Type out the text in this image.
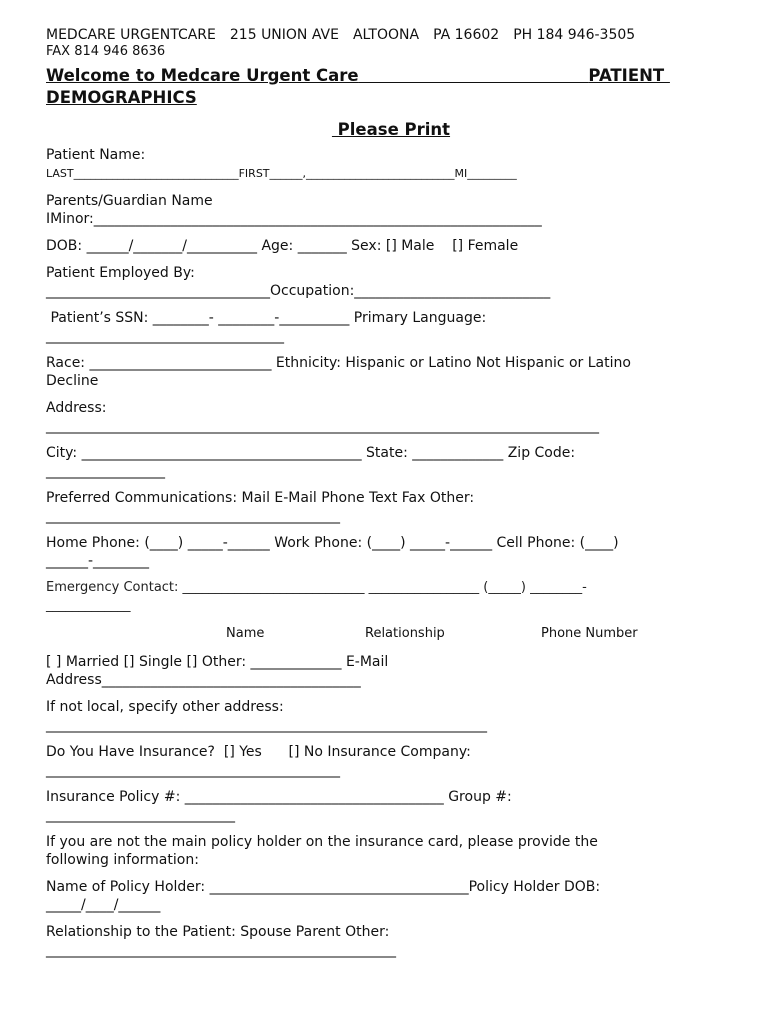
MEDCARE URGENTCARE 215 UNION AVE ALTOONA PA 16602 PH 184 946-3505
FAX 814 946 8636
Welcome to Medcare Urgent Care	PATIENT
DEMOGRAPHICS
Please Print
Patient Name:
LAST______________________________FIRST______,___________________________MI_________
Parents/Guardian Name
IMinor:________________________________________________________________
DOB: ______/_______/__________ Age: _______ Sex: [] Male    [] Female
Patient Employed By:
________________________________Occupation:____________________________
Patient’s SSN: ________- ________-__________ Primary Language:
__________________________________
Race: __________________________ Ethnicity: Hispanic or Latino Not Hispanic or Latino
Decline
Address:
_______________________________________________________________________________
City: ________________________________________ State: _____________ Zip Code:
_________________
Preferred Communications: Mail E-Mail Phone Text Fax Other:
__________________________________________
Home Phone: (____) _____-______ Work Phone: (____) _____-______ Cell Phone: (____)
______-________
Emergency Contact: ____________________________ _________________ (_____) ________-
_____________
Name	Relationship	Phone Number
[ ] Married [] Single [] Other: _____________ E-Mail
Address_____________________________________
If not local, specify other address:
_______________________________________________________________
Do You Have Insurance?  [] Yes      [] No Insurance Company:
__________________________________________
Insurance Policy #: _____________________________________ Group #:
___________________________
If you are not the main policy holder on the insurance card, please provide the
following information:
Name of Policy Holder: _____________________________________Policy Holder DOB:
_____/____/______
Relationship to the Patient: Spouse Parent Other:
__________________________________________________
